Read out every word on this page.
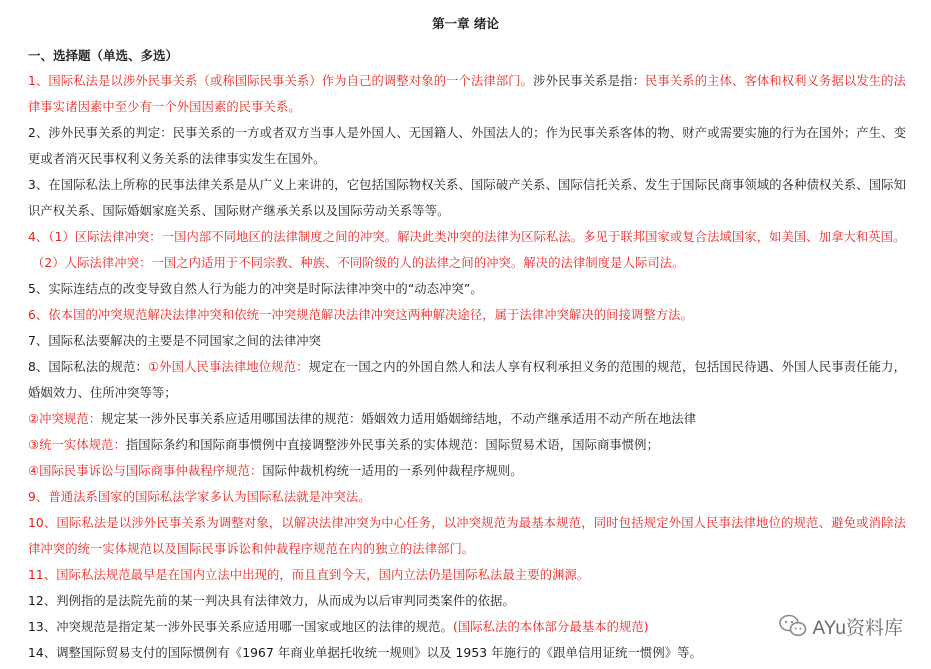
第一章 绪论
一、选择题（单选、多选）
1、国际私法是以涉外民事关系（或称国际民事关系）作为自己的调整对象的一个法律部门。涉外民事关系是指：民事关系的主体、客体和权利义务据以发生的法律事实诸因素中至少有一个外国因素的民事关系。
2、涉外民事关系的判定：民事关系的一方或者双方当事人是外国人、无国籍人、外国法人的；作为民事关系客体的物、财产或需要实施的行为在国外；产生、变更或者消灭民事权利义务关系的法律事实发生在国外。
3、在国际私法上所称的民事法律关系是从广义上来讲的，它包括国际物权关系、国际破产关系、国际信托关系、发生于国际民商事领域的各种债权关系、国际知识产权关系、国际婚姻家庭关系、国际财产继承关系以及国际劳动关系等等。
4、（1）区际法律冲突：一国内部不同地区的法律制度之间的冲突。解决此类冲突的法律为区际私法。多见于联邦国家或复合法域国家，如美国、加拿大和英国。
（2）人际法律冲突：一国之内适用于不同宗教、种族、不同阶级的人的法律之间的冲突。解决的法律制度是人际司法。
5、实际连结点的改变导致自然人行为能力的冲突是时际法律冲突中的“动态冲突”。
6、依本国的冲突规范解决法律冲突和依统一冲突规范解决法律冲突这两种解决途径，属于法律冲突解决的间接调整方法。
7、国际私法要解决的主要是不同国家之间的法律冲突
8、国际私法的规范：①外国人民事法律地位规范：规定在一国之内的外国自然人和法人享有权利承担义务的范围的规范，包括国民待遇、外国人民事责任能力，婚姻效力、住所冲突等等；
②冲突规范：规定某一涉外民事关系应适用哪国法律的规范：婚姻效力适用婚姻缔结地，不动产继承适用不动产所在地法律
③统一实体规范：指国际条约和国际商事惯例中直接调整涉外民事关系的实体规范：国际贸易术语，国际商事惯例；
④国际民事诉讼与国际商事仲裁程序规范：国际仲裁机构统一适用的一系列仲裁程序规则。
9、普通法系国家的国际私法学家多认为国际私法就是冲突法。
10、国际私法是以涉外民事关系为调整对象，以解决法律冲突为中心任务，以冲突规范为最基本规范，同时包括规定外国人民事法律地位的规范、避免或消除法律冲突的统一实体规范以及国际民事诉讼和仲裁程序规范在内的独立的法律部门。
11、国际私法规范最早是在国内立法中出现的，而且直到今天，国内立法仍是国际私法最主要的渊源。
12、判例指的是法院先前的某一判决具有法律效力，从而成为以后审判同类案件的依据。
13、冲突规范是指定某一涉外民事关系应适用哪一国家或地区的法律的规范。(国际私法的本体部分最基本的规范)
14、调整国际贸易支付的国际惯例有《1967 年商业单据托收统一规则》以及 1953 年施行的《跟单信用证统一惯例》等。
AYu资料库
